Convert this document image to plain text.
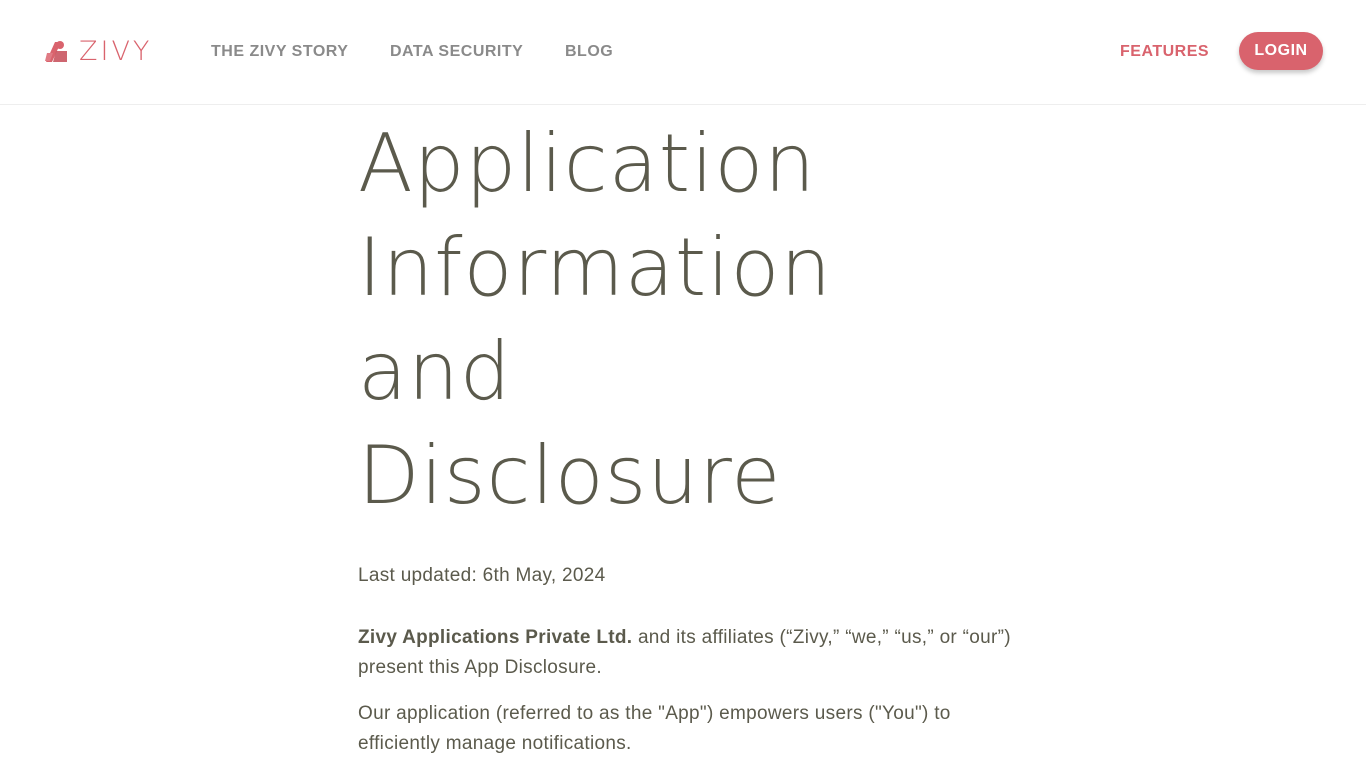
ZIVY	THE ZIVY STORY	DATA SECURITY	BLOG	FEATURES	LOGIN
Application
Information
and
Disclosure

Last updated: 6th May, 2024

Zivy Applications Private Ltd. and its affiliates (“Zivy,” “we,” “us,” or “our”) present this App Disclosure.

Our application (referred to as the "App") empowers users ("You") to efficiently manage notifications.
